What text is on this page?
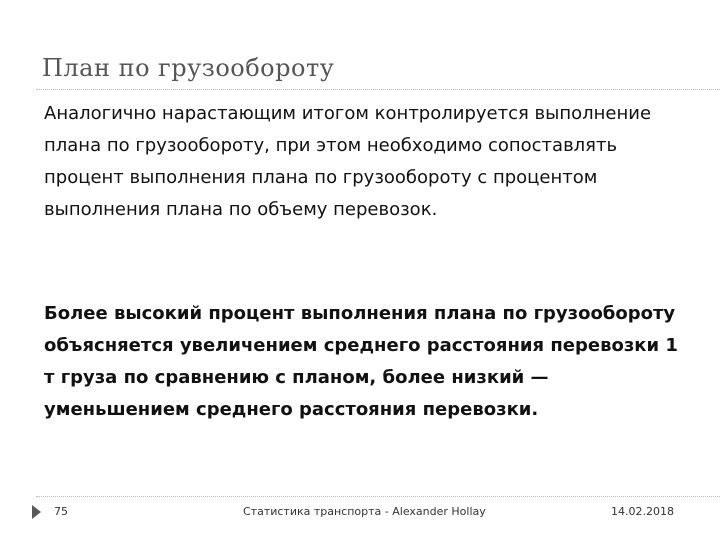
План по грузообороту

Аналогично нарастающим итогом контролируется выполнение плана по грузообороту, при этом необходимо сопоставлять процент выполнения плана по грузообороту с процентом выполнения плана по объему перевозок.

Более высокий процент выполнения плана по грузообороту объясняется увеличением среднего расстояния перевозки 1 т груза по сравнению с планом, более низкий — уменьшением среднего расстояния перевозки.

75	Статистика транспорта - Alexander Hollay	14.02.2018
